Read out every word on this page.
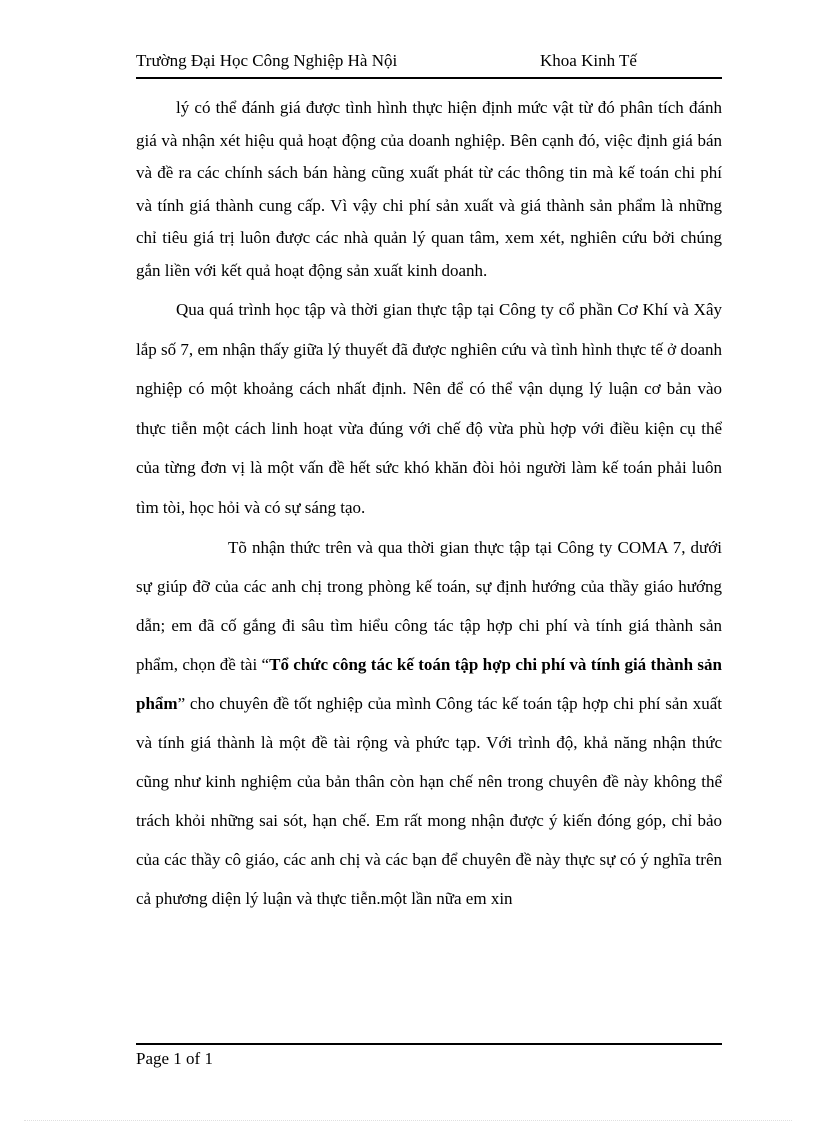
Trường Đại Học Công Nghiệp Hà Nội	Khoa Kinh Tế

lý có thể đánh giá được tình hình thực hiện định mức vật từ đó phân tích đánh giá và nhận xét hiệu quả hoạt động của doanh nghiệp. Bên cạnh đó, việc định giá bán và đề ra các chính sách bán hàng cũng xuất phát từ các thông tin mà kế toán chi phí và tính giá thành cung cấp. Vì vậy chi phí sản xuất và giá thành sản phẩm là những chỉ tiêu giá trị luôn được các nhà quản lý quan tâm, xem xét, nghiên cứu bởi chúng gắn liền với kết quả hoạt động sản xuất kinh doanh.

Qua quá trình học tập và thời gian thực tập tại Công ty cổ phần Cơ Khí và Xây lắp số 7, em nhận thấy giữa lý thuyết đã được nghiên cứu và tình hình thực tế ở doanh nghiệp có một khoảng cách nhất định. Nên để có thể vận dụng lý luận cơ bản vào thực tiễn một cách linh hoạt vừa đúng với chế độ vừa phù hợp với điều kiện cụ thể của từng đơn vị là một vấn đề hết sức khó khăn đòi hỏi người làm kế toán phải luôn tìm tòi, học hỏi và có sự sáng tạo.

Tõ nhận thức trên và qua thời gian thực tập tại Công ty COMA 7, dưới sự giúp đỡ của các anh chị trong phòng kế toán, sự định hướng của thầy giáo hướng dẫn; em đã cố gắng đi sâu tìm hiểu công tác tập hợp chi phí và tính giá thành sản phẩm, chọn đề tài “Tổ chức công tác kế toán tập hợp chi phí và tính giá thành sản phẩm” cho chuyên đề tốt nghiệp của mình Công tác kế toán tập hợp chi phí sản xuất và tính giá thành là một đề tài rộng và phức tạp. Với trình độ, khả năng nhận thức cũng như kinh nghiệm của bản thân còn hạn chế nên trong chuyên đề này không thể trách khỏi những sai sót, hạn chế. Em rất mong nhận được ý kiến đóng góp, chỉ bảo của các thầy cô giáo, các anh chị và các bạn để chuyên đề này thực sự có ý nghĩa trên cả phương diện lý luận và thực tiễn.một lần nữa em xin

Page 1 of 1
